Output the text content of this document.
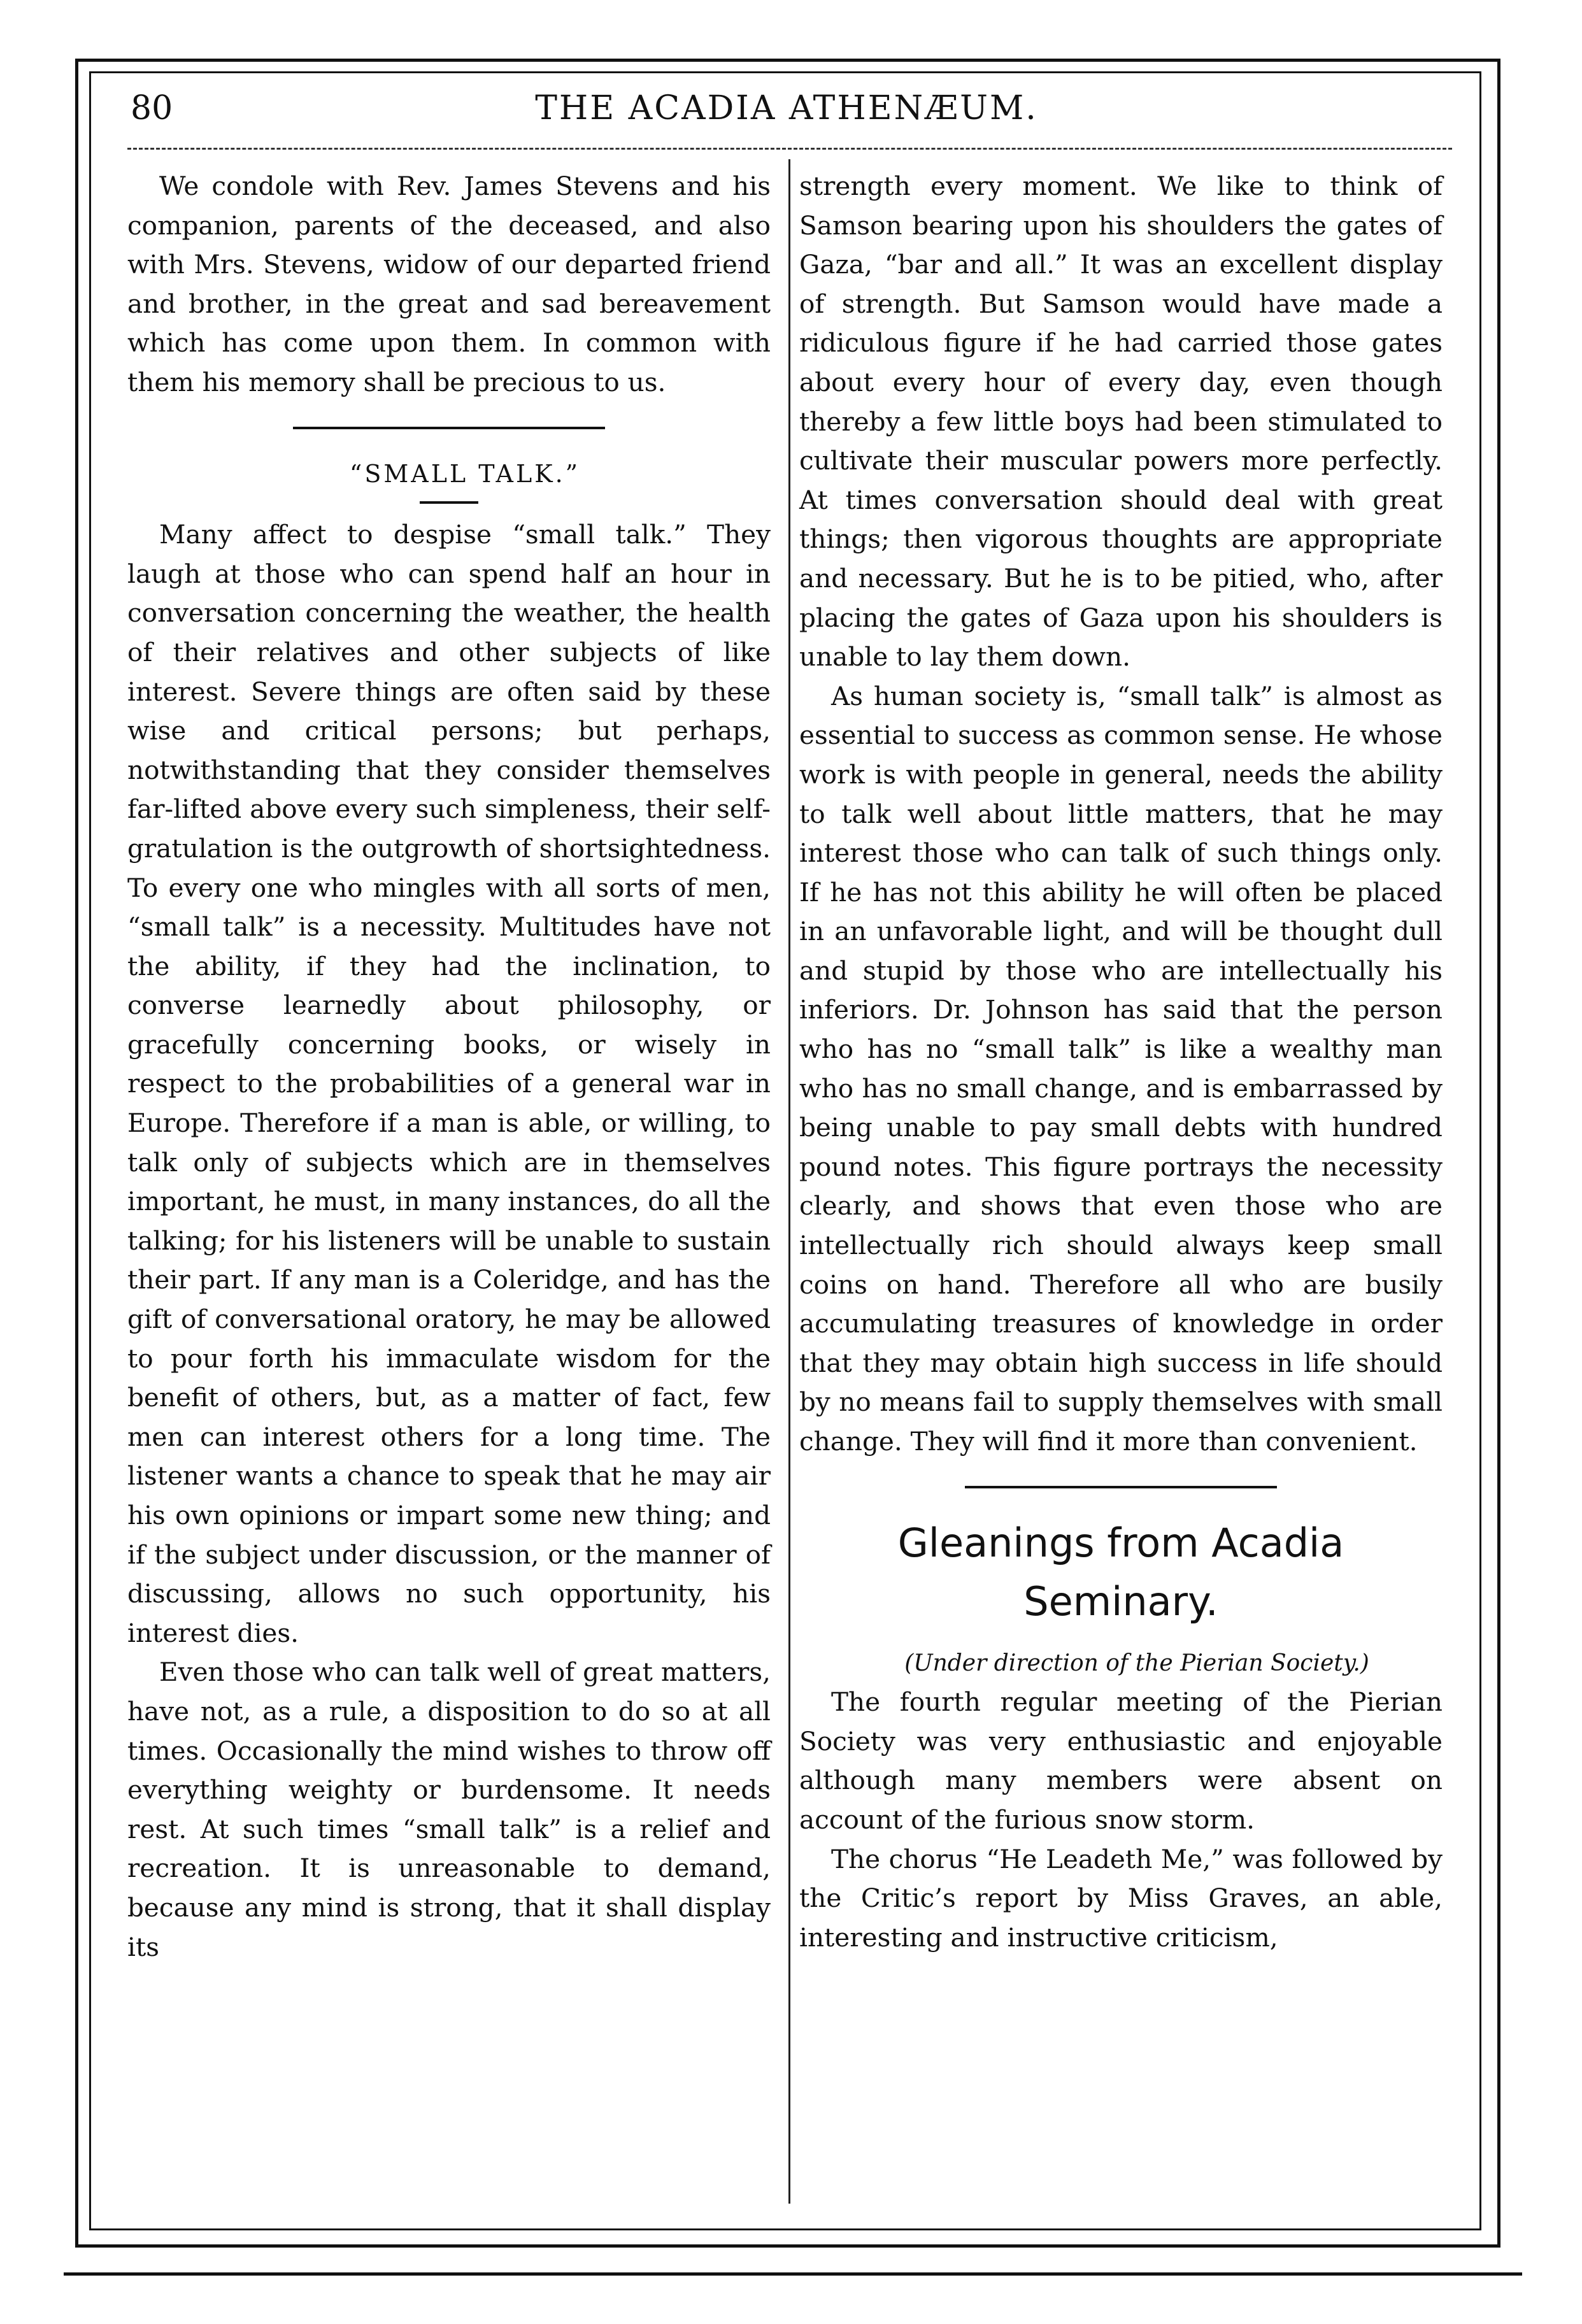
80	THE ACADIA ATHENÆUM.

We condole with Rev. James Stevens and his companion, parents of the deceased, and also with Mrs. Stevens, widow of our departed friend and brother, in the great and sad bereavement which has come upon them. In common with them his memory shall be precious to us.

“SMALL TALK.”

Many affect to despise “small talk.” They laugh at those who can spend half an hour in conversation concerning the weather, the health of their relatives and other subjects of like interest. Severe things are often said by these wise and critical persons; but perhaps, notwithstanding that they consider themselves far-lifted above every such simpleness, their self-gratulation is the outgrowth of shortsightedness. To every one who mingles with all sorts of men, “small talk” is a necessity. Multitudes have not the ability, if they had the inclination, to converse learnedly about philosophy, or gracefully concerning books, or wisely in respect to the probabilities of a general war in Europe. Therefore if a man is able, or willing, to talk only of subjects which are in themselves important, he must, in many instances, do all the talking; for his listeners will be unable to sustain their part. If any man is a Coleridge, and has the gift of conversational oratory, he may be allowed to pour forth his immaculate wisdom for the benefit of others, but, as a matter of fact, few men can interest others for a long time. The listener wants a chance to speak that he may air his own opinions or impart some new thing; and if the subject under discussion, or the manner of discussing, allows no such opportunity, his interest dies.

Even those who can talk well of great matters, have not, as a rule, a disposition to do so at all times. Occasionally the mind wishes to throw off everything weighty or burdensome. It needs rest. At such times “small talk” is a relief and recreation. It is unreasonable to demand, because any mind is strong, that it shall display its

strength every moment. We like to think of Samson bearing upon his shoulders the gates of Gaza, “bar and all.” It was an excellent display of strength. But Samson would have made a ridiculous figure if he had carried those gates about every hour of every day, even though thereby a few little boys had been stimulated to cultivate their muscular powers more perfectly. At times conversation should deal with great things; then vigorous thoughts are appropriate and necessary. But he is to be pitied, who, after placing the gates of Gaza upon his shoulders is unable to lay them down.

As human society is, “small talk” is almost as essential to success as common sense. He whose work is with people in general, needs the ability to talk well about little matters, that he may interest those who can talk of such things only. If he has not this ability he will often be placed in an unfavorable light, and will be thought dull and stupid by those who are intellectually his inferiors. Dr. Johnson has said that the person who has no “small talk” is like a wealthy man who has no small change, and is embarrassed by being unable to pay small debts with hundred pound notes. This figure portrays the necessity clearly, and shows that even those who are intellectually rich should always keep small coins on hand. Therefore all who are busily accumulating treasures of knowledge in order that they may obtain high success in life should by no means fail to supply themselves with small change. They will find it more than convenient.

Gleanings from Acadia Seminary.

(Under direction of the Pierian Society.)

The fourth regular meeting of the Pierian Society was very enthusiastic and enjoyable although many members were absent on account of the furious snow storm.

The chorus “He Leadeth Me,” was followed by the Critic’s report by Miss Graves, an able, interesting and instructive criticism,
